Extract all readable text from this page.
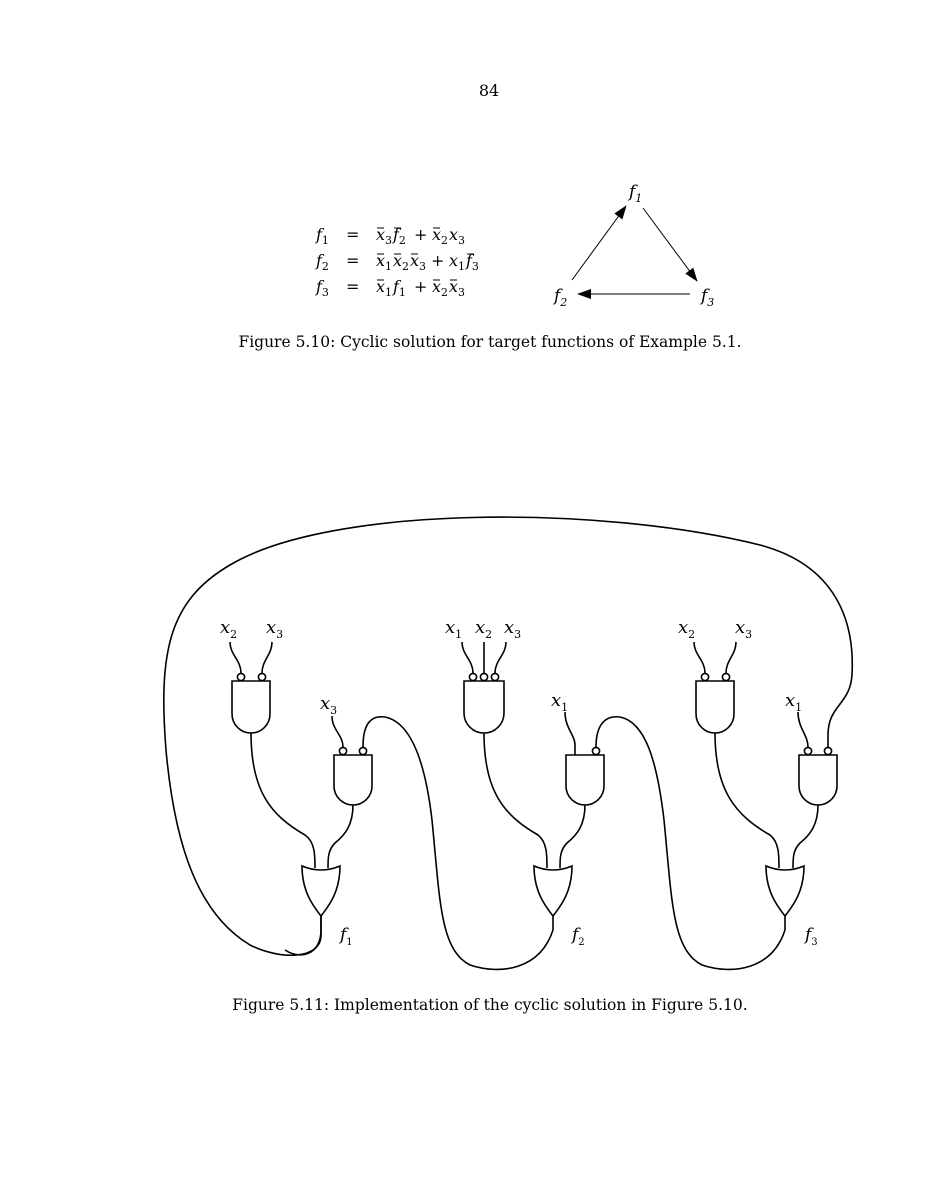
84
$f_1 = x_3$ $f_2 + x_2$ $x_3$
$f_2 = x_1$ $x_2$ $x_3 + x_1$ $f_3$
$f_3 = x_1$ $f_1 + x_2$ $x_3$
$f_1$
$f_2$	$f_3$
Figure 5.10: Cyclic solution for target functions of Example 5.1.
$x_2$ $x_3$
$x_3$
$f_1$
$x_1$ $x_2$ $x_3$
$x_1$
$f_2$
$x_2$ $x_3$
$x_1$
$f_3$
Figure 5.11: Implementation of the cyclic solution in Figure 5.10.
